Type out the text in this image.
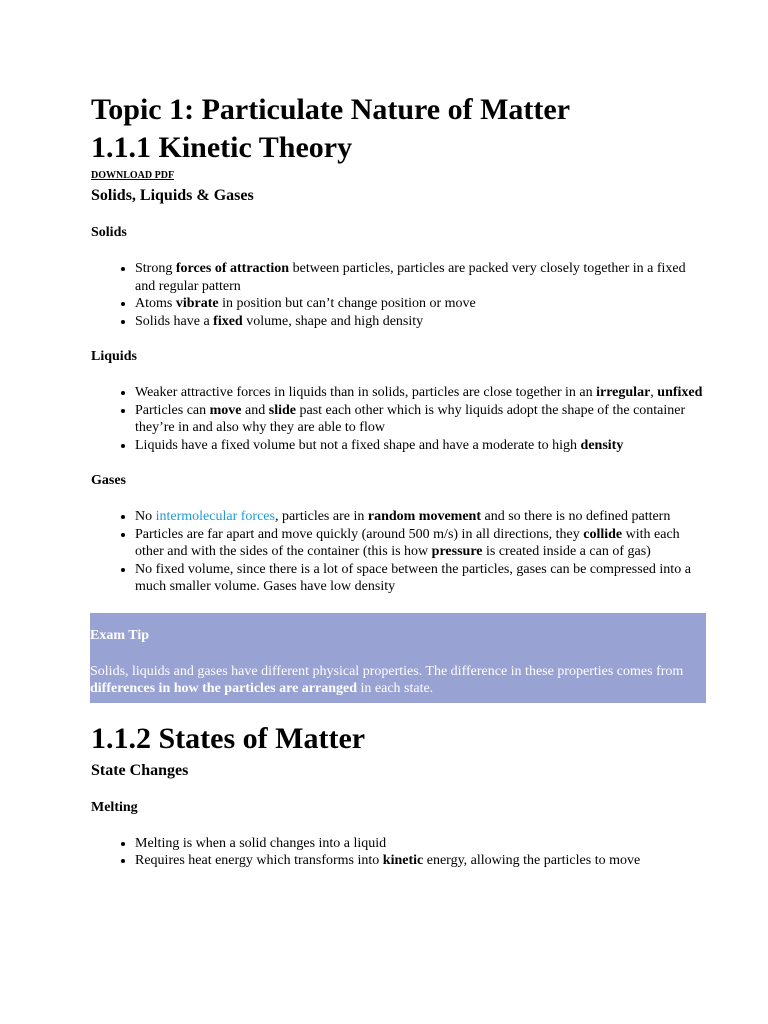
Topic 1: Particulate Nature of Matter
1.1.1 Kinetic Theory
DOWNLOAD PDF
Solids, Liquids & Gases
Solids
• Strong forces of attraction between particles, particles are packed very closely together in a fixed and regular pattern
• Atoms vibrate in position but can’t change position or move
• Solids have a fixed volume, shape and high density
Liquids
• Weaker attractive forces in liquids than in solids, particles are close together in an irregular, unfixed
• Particles can move and slide past each other which is why liquids adopt the shape of the container they’re in and also why they are able to flow
• Liquids have a fixed volume but not a fixed shape and have a moderate to high density
Gases
• No intermolecular forces, particles are in random movement and so there is no defined pattern
• Particles are far apart and move quickly (around 500 m/s) in all directions, they collide with each other and with the sides of the container (this is how pressure is created inside a can of gas)
• No fixed volume, since there is a lot of space between the particles, gases can be compressed into a much smaller volume. Gases have low density
Exam Tip
Solids, liquids and gases have different physical properties. The difference in these properties comes from differences in how the particles are arranged in each state.
1.1.2 States of Matter
State Changes
Melting
• Melting is when a solid changes into a liquid
• Requires heat energy which transforms into kinetic energy, allowing the particles to move
